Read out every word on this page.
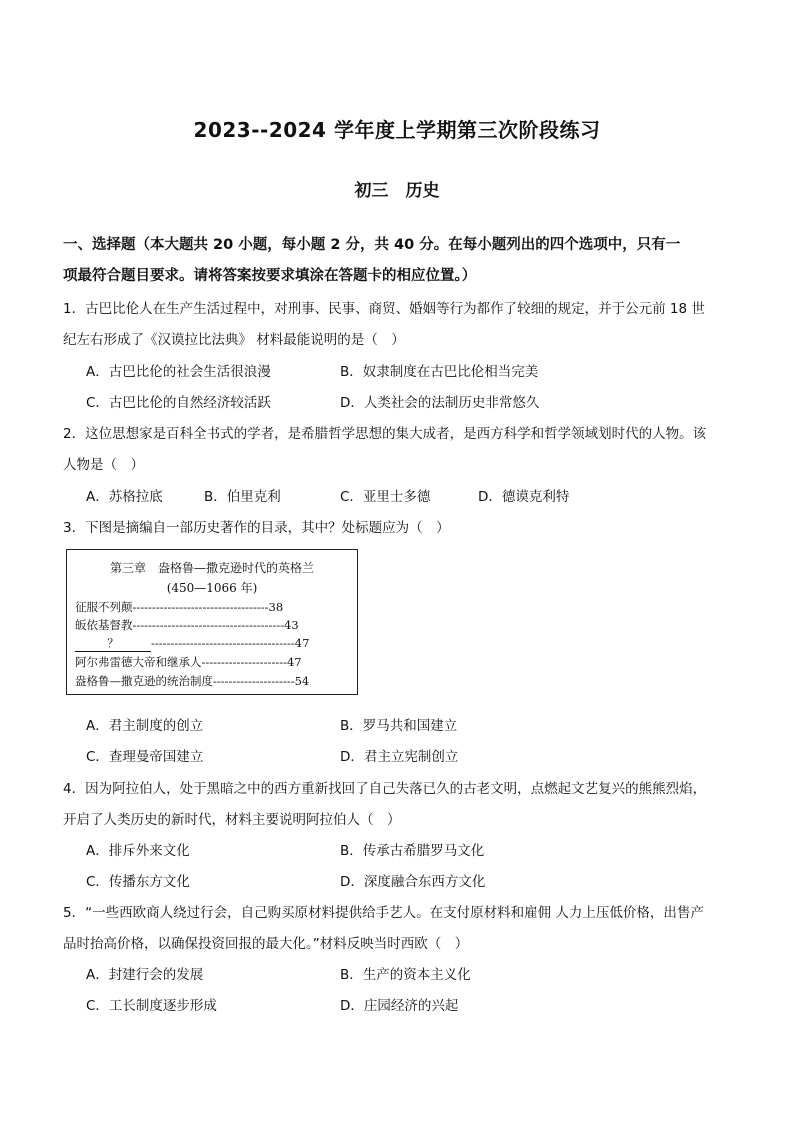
2023--2024 学年度上学期第三次阶段练习
初三　历史
一、选择题（本大题共 20 小题，每小题 2 分，共 40 分。在每小题列出的四个选项中，只有一
项最符合题目要求。请将答案按要求填涂在答题卡的相应位置。）
1．古巴比伦人在生产生活过程中，对刑事、民事、商贸、婚姻等行为都作了较细的规定，并于公元前 18 世
纪左右形成了《汉谟拉比法典》 材料最能说明的是（　）
A．古巴比伦的社会生活很浪漫	B．奴隶制度在古巴比伦相当完美
C．古巴比伦的自然经济较活跃	D．人类社会的法制历史非常悠久
2．这位思想家是百科全书式的学者，是希腊哲学思想的集大成者，是西方科学和哲学领域划时代的人物。该
人物是（　）
A．苏格拉底	B．伯里克利	C．亚里士多德	D．德谟克利特
3．下图是摘编自一部历史著作的目录，其中？处标题应为（　）
第三章　盎格鲁—撒克逊时代的英格兰
(450—1066 年)
征服不列颠-----------------------------------38
皈依基督教---------------------------------------43
？	-------------------------------------47
阿尔弗雷德大帝和继承人----------------------47
盎格鲁—撒克逊的统治制度---------------------54
A．君主制度的创立	B．罗马共和国建立
C．查理曼帝国建立	D．君主立宪制创立
4．因为阿拉伯人，处于黑暗之中的西方重新找回了自己失落已久的古老文明，点燃起文艺复兴的熊熊烈焰，
开启了人类历史的新时代，材料主要说明阿拉伯人（　）
A．排斥外来文化	B．传承古希腊罗马文化
C．传播东方文化	D．深度融合东西方文化
5．“一些西欧商人绕过行会，自己购买原材料提供给手艺人。在支付原材料和雇佣 人力上压低价格，出售产
品时抬高价格，以确保投资回报的最大化。”材料反映当时西欧（　）
A．封建行会的发展	B．生产的资本主义化
C．工长制度逐步形成	D．庄园经济的兴起
